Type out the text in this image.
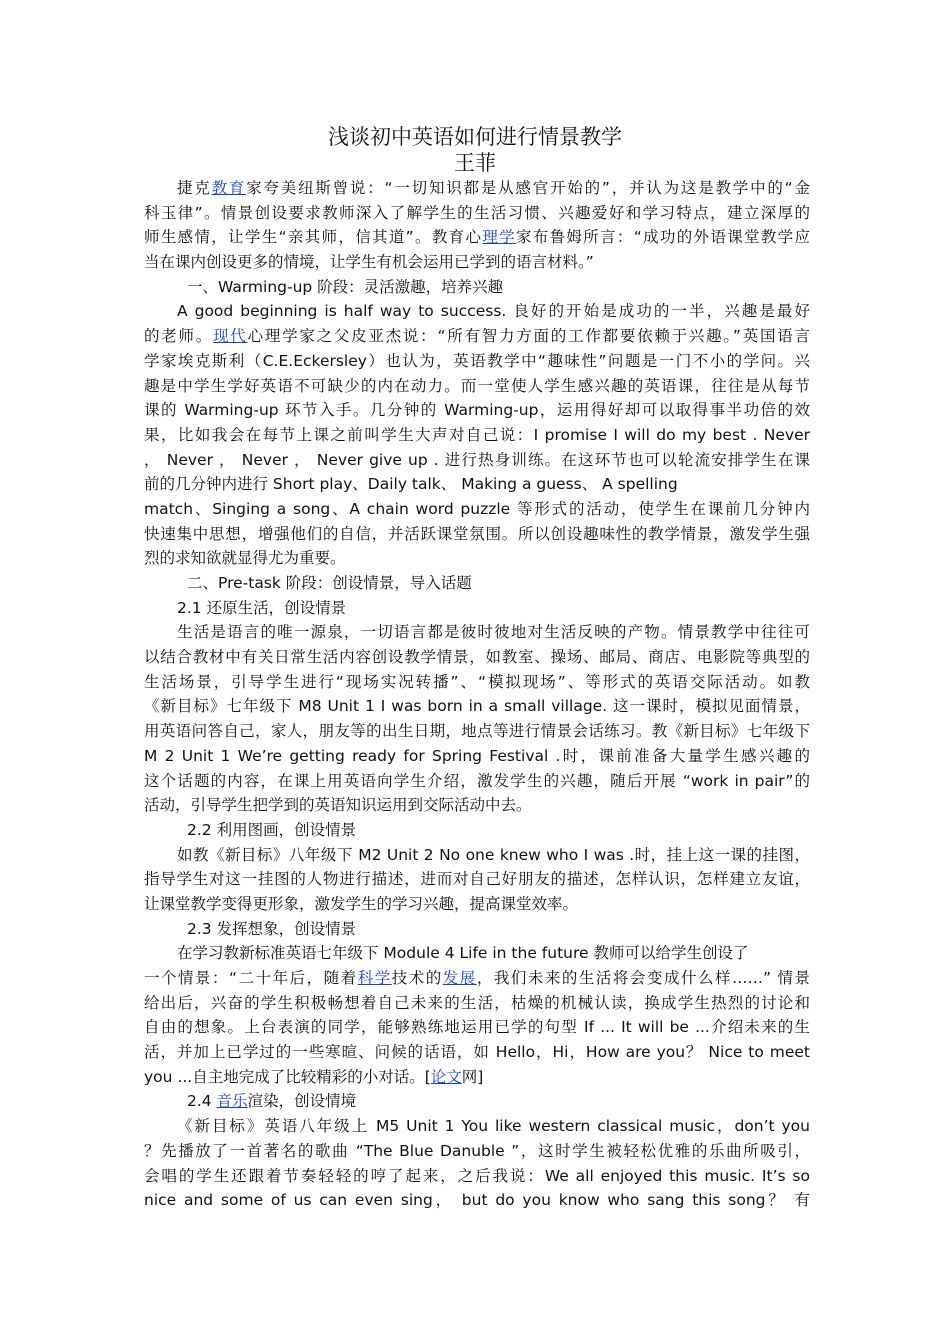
浅谈初中英语如何进行情景教学
王菲
捷克教育家夸美纽斯曾说：“一切知识都是从感官开始的”，并认为这是教学中的“金
科玉律”。情景创设要求教师深入了解学生的生活习惯、兴趣爱好和学习特点，建立深厚的
师生感情，让学生“亲其师，信其道”。教育心理学家布鲁姆所言：“成功的外语课堂教学应
当在课内创设更多的情境，让学生有机会运用已学到的语言材料。”
一、Warming-up 阶段：灵活激趣，培养兴趣
A good beginning is half way to success. 良好的开始是成功的一半，兴趣是最好
的老师。现代心理学家之父皮亚杰说：“所有智力方面的工作都要依赖于兴趣。”英国语言
学家埃克斯利（C.E.Eckersley）也认为，英语教学中“趣味性”问题是一门不小的学问。兴
趣是中学生学好英语不可缺少的内在动力。而一堂使人学生感兴趣的英语课，往往是从每节
课的 Warming-up 环节入手。几分钟的 Warming-up，运用得好却可以取得事半功倍的效
果，比如我会在每节上课之前叫学生大声对自己说：I promise I will do my best . Never
， Never ， Never ， Never give up . 进行热身训练。在这环节也可以轮流安排学生在课
前的几分钟内进行 Short play、Daily talk、 Making a guess、 A spelling
match、Singing a song、A chain word puzzle 等形式的活动，使学生在课前几分钟内
快速集中思想，增强他们的自信，并活跃课堂氛围。所以创设趣味性的教学情景，激发学生强
烈的求知欲就显得尤为重要。
二、Pre-task 阶段：创设情景，导入话题
2.1 还原生活，创设情景
生活是语言的唯一源泉，一切语言都是彼时彼地对生活反映的产物。情景教学中往往可
以结合教材中有关日常生活内容创设教学情景，如教室、操场、邮局、商店、电影院等典型的
生活场景，引导学生进行“现场实况转播”、“模拟现场”、等形式的英语交际活动。如教
《新目标》七年级下 M8 Unit 1 I was born in a small village. 这一课时，模拟见面情景，
用英语问答自己，家人，朋友等的出生日期，地点等进行情景会话练习。教《新目标》七年级下
M 2 Unit 1 We’re getting ready for Spring Festival .时，课前准备大量学生感兴趣的
这个话题的内容，在课上用英语向学生介绍，激发学生的兴趣，随后开展 “work in pair”的
活动，引导学生把学到的英语知识运用到交际活动中去。
2.2 利用图画，创设情景
如教《新目标》八年级下 M2 Unit 2 No one knew who I was .时，挂上这一课的挂图，
指导学生对这一挂图的人物进行描述，进而对自己好朋友的描述，怎样认识，怎样建立友谊，
让课堂教学变得更形象，激发学生的学习兴趣，提高课堂效率。
2.3 发挥想象，创设情景
在学习教新标准英语七年级下 Module 4 Life in the future 教师可以给学生创设了
一个情景：“二十年后，随着科学技术的发展，我们未来的生活将会变成什么样……” 情景
给出后，兴奋的学生积极畅想着自己未来的生活，枯燥的机械认读，换成学生热烈的讨论和
自由的想象。上台表演的同学，能够熟练地运用已学的句型 If ... It will be ...介绍未来的生
活，并加上已学过的一些寒暄、问候的话语，如 Hello，Hi，How are you？ Nice to meet
you ...自主地完成了比较精彩的小对话。[论文网]
2.4 音乐渲染，创设情境
《新目标》英语八年级上 M5 Unit 1 You like western classical music，don’t you
？先播放了一首著名的歌曲 “The Blue Danuble ”，这时学生被轻松优雅的乐曲所吸引，
会唱的学生还跟着节奏轻轻的哼了起来，之后我说：We all enjoyed this music. It’s so
nice and some of us can even sing， but do you know who sang this song？ 有
